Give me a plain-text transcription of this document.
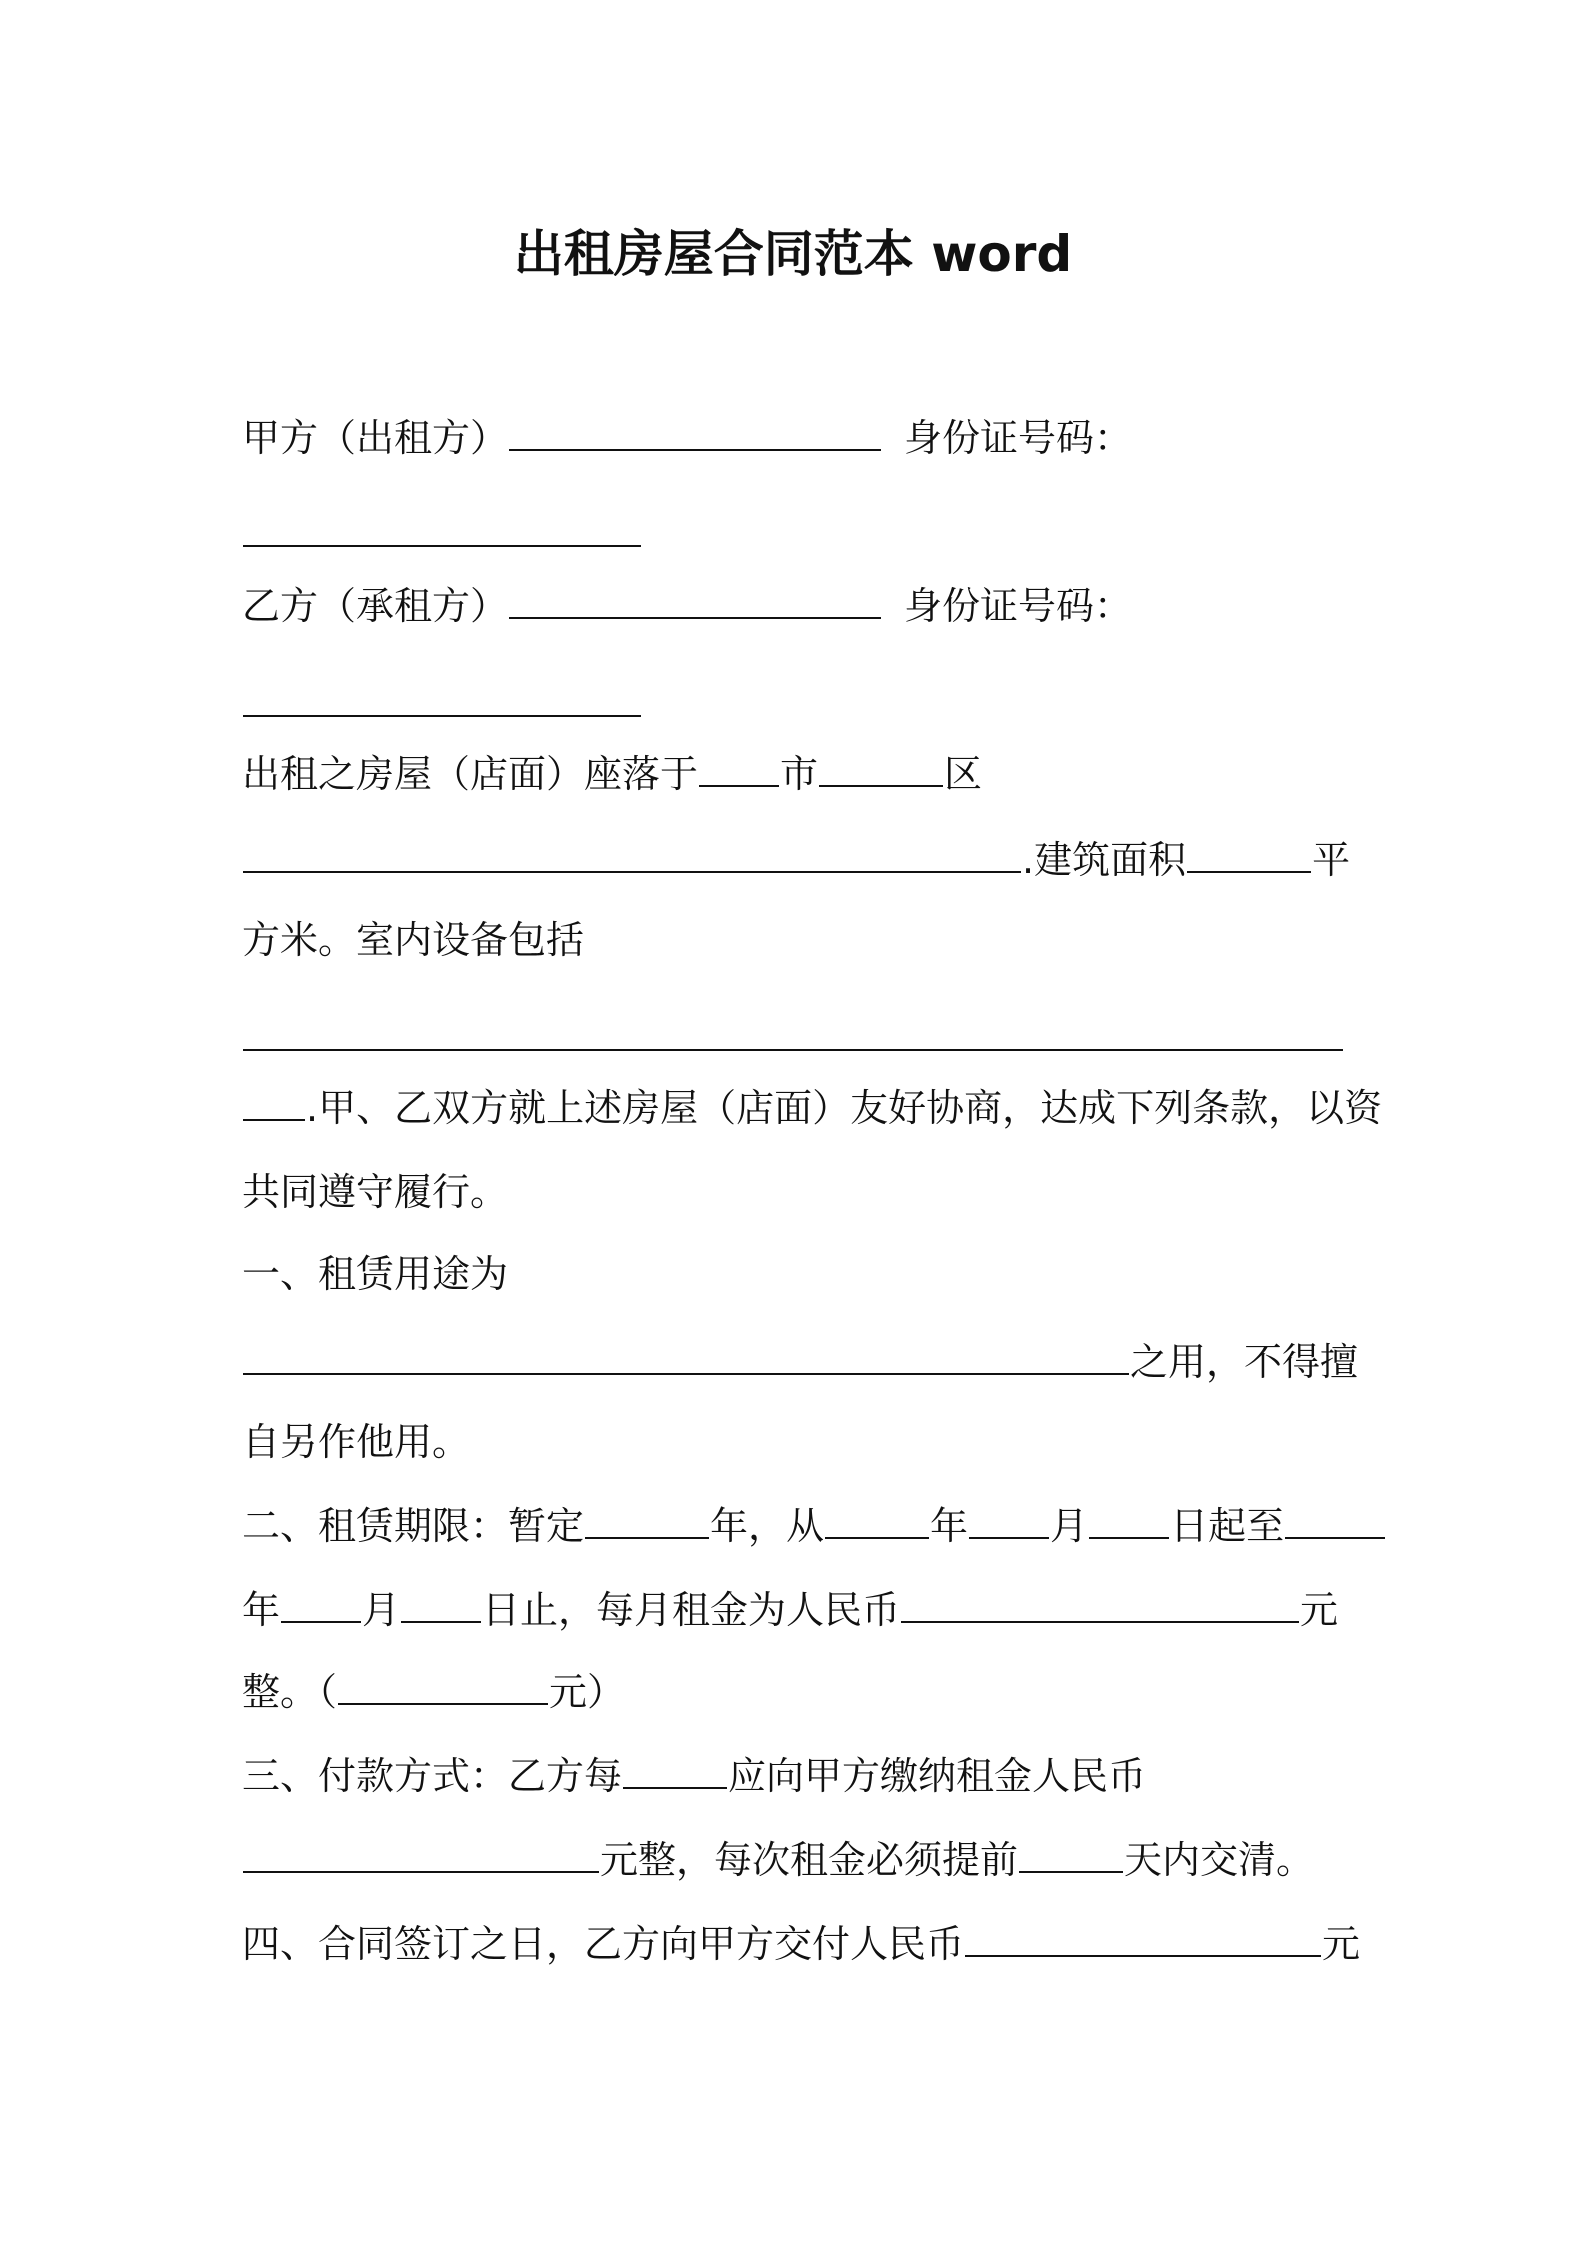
出租房屋合同范本 word
甲方（出租方）	身份证号码：
乙方（承租方）	身份证号码：
出租之房屋（店面）座落于 市	区
.建筑面积	平
方米。室内设备包括
.甲、乙双方就上述房屋（店面）友好协商，达成下列条款，以资
共同遵守履行。
一、租赁用途为
之用，不得擅
自另作他用。
二、租赁期限：暂定	年，从	年 月 日起至
年 月 日止，每月租金为人民币	元
整。（	元）
三、付款方式：乙方每	应向甲方缴纳租金人民币
元整，每次租金必须提前	天内交清。
四、合同签订之日，乙方向甲方交付人民币	元
